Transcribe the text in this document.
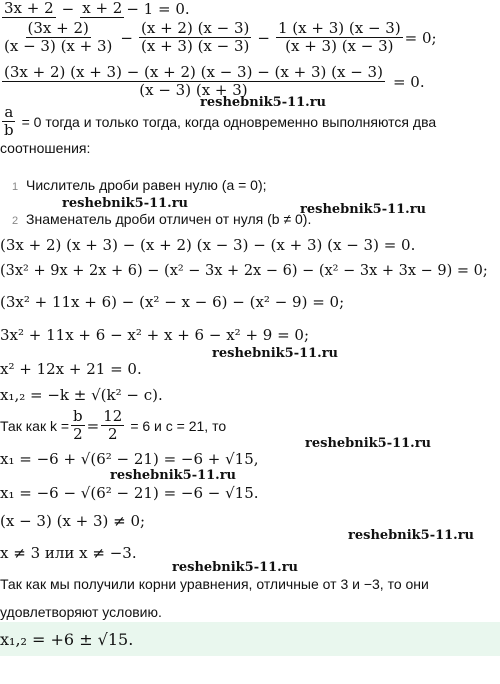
3x + 2 − x + 2 − 1 = 0.
$\frac{(3x + 2)}{(x - 3) (x + 3)} - \frac{(x + 2) (x - 3)}{(x + 3) (x - 3)} - \frac{1 (x + 3) (x - 3)}{(x + 3) (x - 3)} = 0$;
$\frac{(3x + 2) (x + 3) - (x + 2) (x - 3) - (x + 3) (x - 3)}{(x - 3) (x + 3)} = 0$.
reshebnik5-11.ru
$\frac{a}{b} = 0$ тогда и только тогда, когда одновременно выполняются два
соотношения:
1 Числитель дроби равен нулю (a = 0);
reshebnik5-11.ru	reshebnik5-11.ru
2 Знаменатель дроби отличен от нуля (b ≠ 0).
(3x + 2) (x + 3) − (x + 2) (x − 3) − (x + 3) (x − 3) = 0.
(3x² + 9x + 2x + 6) − (x² − 3x + 2x − 6) − (x² − 3x + 3x − 9) = 0;
(3x² + 11x + 6) − (x² − x − 6) − (x² − 9) = 0;
3x² + 11x + 6 − x² + x + 6 − x² + 9 = 0;
reshebnik5-11.ru
x² + 12x + 21 = 0.
x₁,₂ = −k ± √(k² − c).
Так как $k = \frac{b}{2} = \frac{12}{2} = 6$ и c = 21, то
reshebnik5-11.ru
x₁ = −6 + √(6² − 21) = −6 + √15,
reshebnik5-11.ru
x₁ = −6 − √(6² − 21) = −6 − √15.
(x − 3) (x + 3) ≠ 0;
reshebnik5-11.ru
x ≠ 3 или x ≠ −3.
reshebnik5-11.ru
Так как мы получили корни уравнения, отличные от 3 и −3, то они
удовлетворяют условию.
x₁,₂ = +6 ± √15.
